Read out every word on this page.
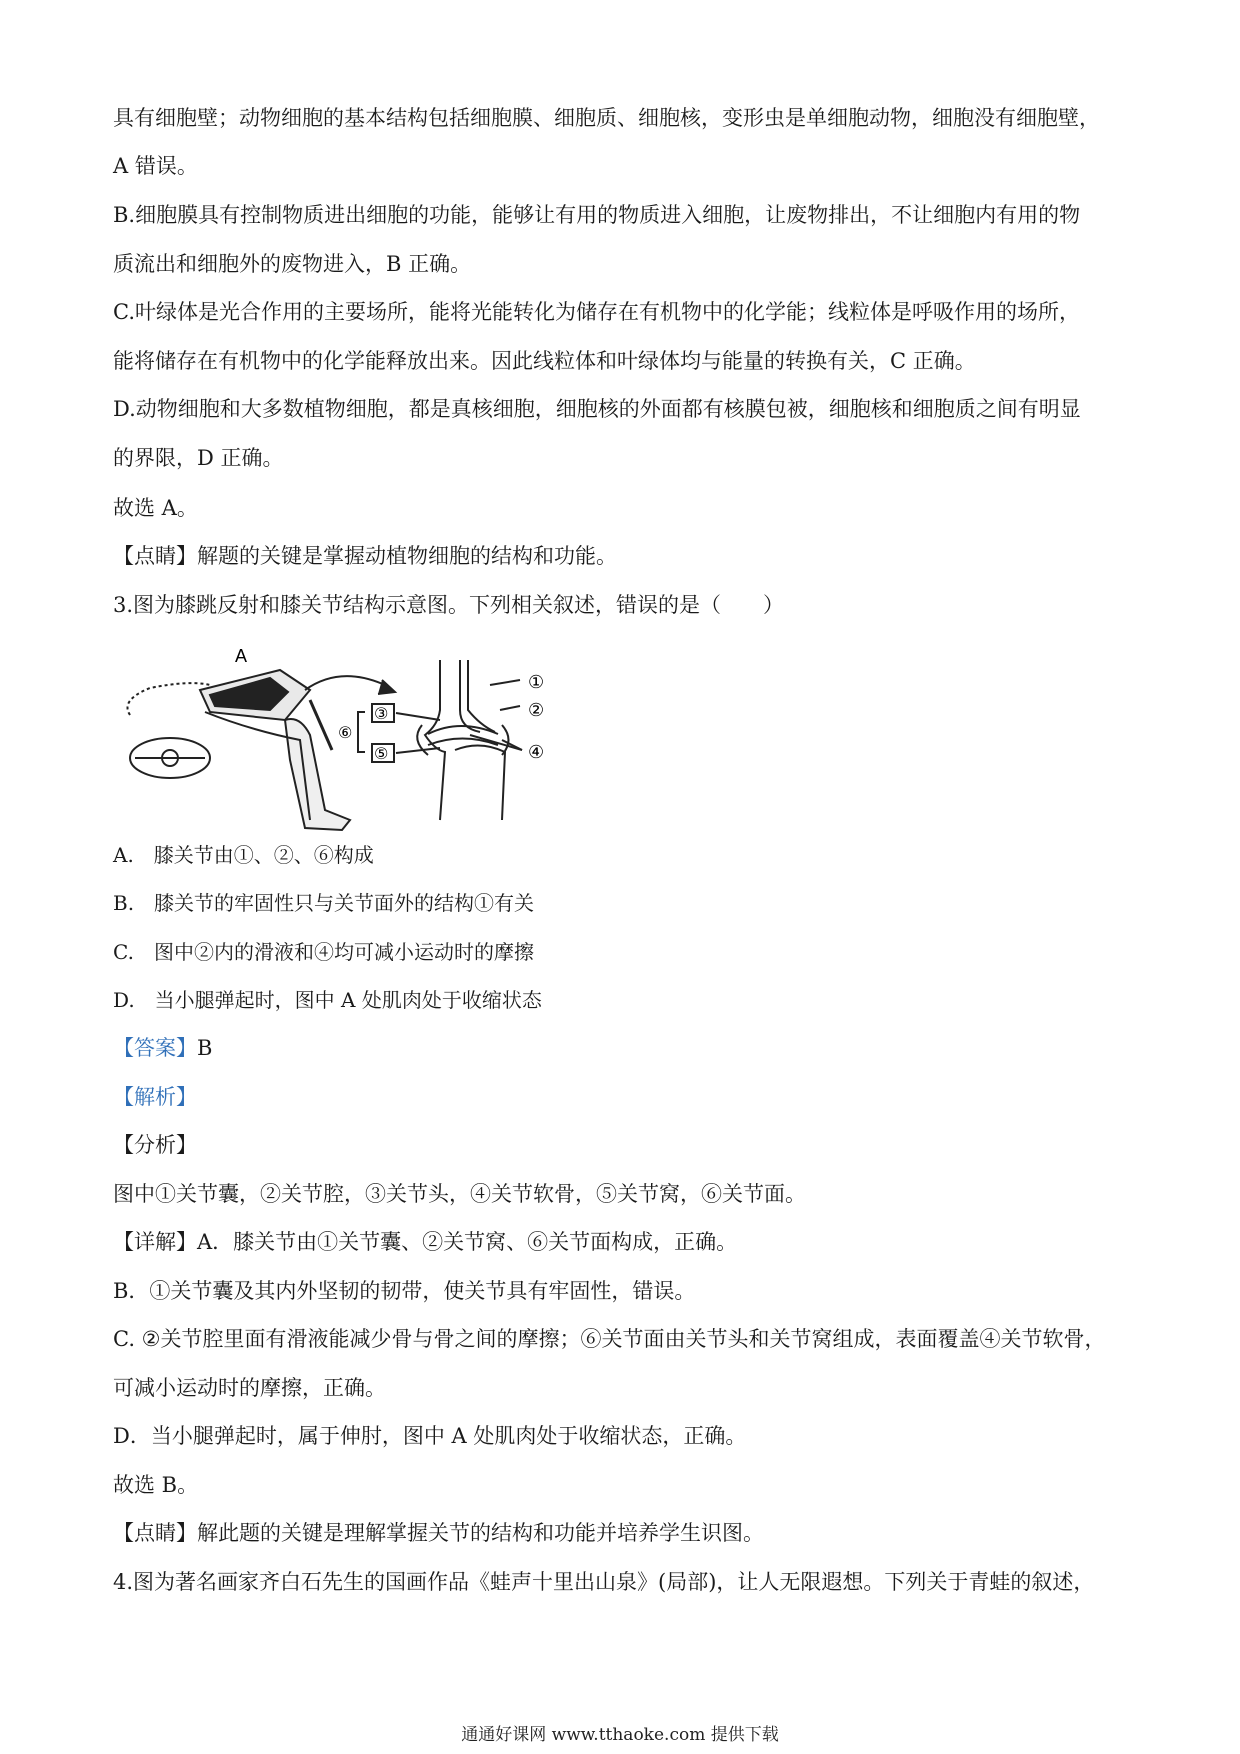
具有细胞壁；动物细胞的基本结构包括细胞膜、细胞质、细胞核，变形虫是单细胞动物，细胞没有细胞壁，
A 错误。
B.细胞膜具有控制物质进出细胞的功能，能够让有用的物质进入细胞，让废物排出，不让细胞内有用的物
质流出和细胞外的废物进入，B 正确。
C.叶绿体是光合作用的主要场所，能将光能转化为储存在有机物中的化学能；线粒体是呼吸作用的场所，
能将储存在有机物中的化学能释放出来。因此线粒体和叶绿体均与能量的转换有关，C 正确。
D.动物细胞和大多数植物细胞，都是真核细胞，细胞核的外面都有核膜包被，细胞核和细胞质之间有明显
的界限，D 正确。
故选 A。
【点睛】解题的关键是掌握动植物细胞的结构和功能。
3.图为膝跳反射和膝关节结构示意图。下列相关叙述，错误的是（　　）
A
①
②
③
④
⑤
⑥
A.　膝关节由①、②、⑥构成
B.　膝关节的牢固性只与关节面外的结构①有关
C.　图中②内的滑液和④均可减小运动时的摩擦
D.　当小腿弹起时，图中 A 处肌肉处于收缩状态
【答案】B
【解析】
【分析】
图中①关节囊，②关节腔，③关节头，④关节软骨，⑤关节窝，⑥关节面。
【详解】A．膝关节由①关节囊、②关节窝、⑥关节面构成，正确。
B．①关节囊及其内外坚韧的韧带，使关节具有牢固性，错误。
C. ②关节腔里面有滑液能减少骨与骨之间的摩擦；⑥关节面由关节头和关节窝组成，表面覆盖④关节软骨，
可减小运动时的摩擦，正确。
D．当小腿弹起时，属于伸肘，图中 A 处肌肉处于收缩状态，正确。
故选 B。
【点睛】解此题的关键是理解掌握关节的结构和功能并培养学生识图。
4.图为著名画家齐白石先生的国画作品《蛙声十里出山泉》(局部)，让人无限遐想。下列关于青蛙的叙述，
通通好课网 www.tthaoke.com 提供下载
